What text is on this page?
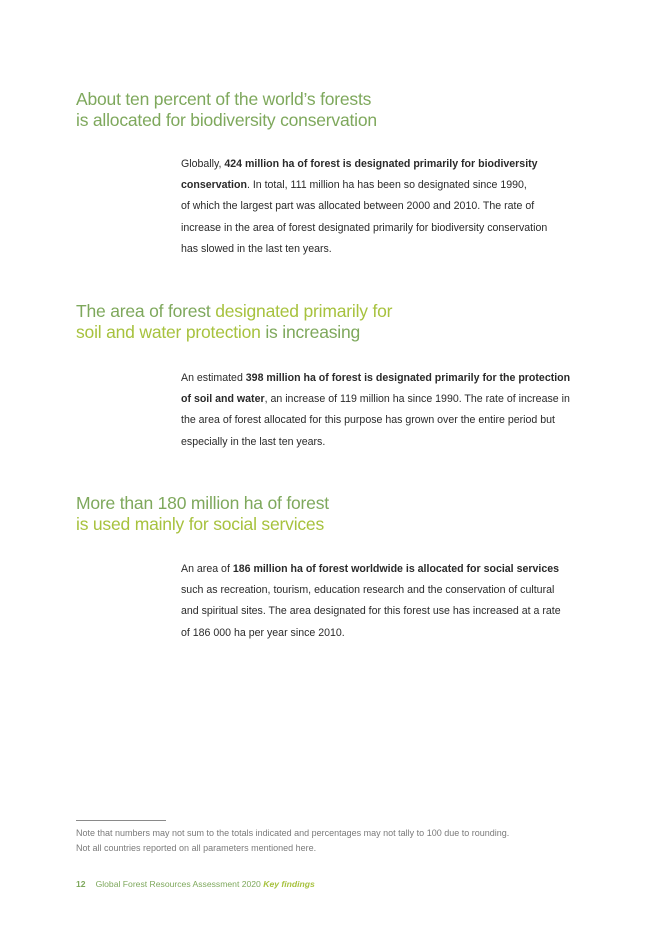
About ten percent of the world’s forests
is allocated for biodiversity conservation

Globally, 424 million ha of forest is designated primarily for biodiversity
conservation. In total, 111 million ha has been so designated since 1990,
of which the largest part was allocated between 2000 and 2010. The rate of
increase in the area of forest designated primarily for biodiversity conservation
has slowed in the last ten years.

The area of forest designated primarily for
soil and water protection is increasing

An estimated 398 million ha of forest is designated primarily for the protection
of soil and water, an increase of 119 million ha since 1990. The rate of increase in
the area of forest allocated for this purpose has grown over the entire period but
especially in the last ten years.

More than 180 million ha of forest
is used mainly for social services

An area of 186 million ha of forest worldwide is allocated for social services
such as recreation, tourism, education research and the conservation of cultural
and spiritual sites. The area designated for this forest use has increased at a rate
of 186 000 ha per year since 2010.

Note that numbers may not sum to the totals indicated and percentages may not tally to 100 due to rounding.
Not all countries reported on all parameters mentioned here.
12 Global Forest Resources Assessment 2020 Key findings
